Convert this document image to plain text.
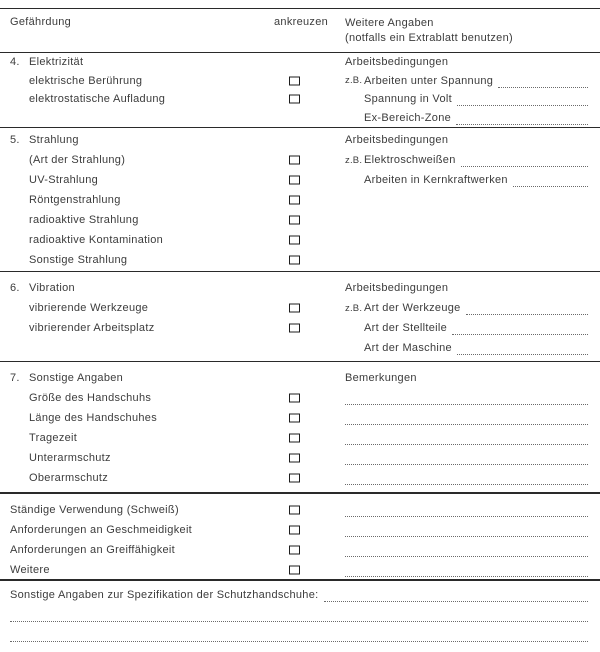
Gefährdung	ankreuzen Weitere Angaben
(notfalls ein Extrablatt benutzen)
4. Elektrizität
elektrische Berührung
elektrostatische Aufladung
Arbeitsbedingungen
z.B. Arbeiten unter Spannung
Spannung in Volt
Ex-Bereich-Zone
5. Strahlung
(Art der Strahlung)
UV-Strahlung
Röntgenstrahlung
radioaktive Strahlung
radioaktive Kontamination
Sonstige Strahlung
Arbeitsbedingungen
z.B. Elektroschweißen
Arbeiten in Kernkraftwerken
6. Vibration
vibrierende Werkzeuge
vibrierender Arbeitsplatz
Arbeitsbedingungen
z.B. Art der Werkzeuge
Art der Stellteile
Art der Maschine
7. Sonstige Angaben
Größe des Handschuhs
Länge des Handschuhes
Tragezeit
Unterarmschutz
Oberarmschutz
Bemerkungen
Ständige Verwendung (Schweiß)
Anforderungen an Geschmeidigkeit
Anforderungen an Greiffähigkeit
Weitere
Sonstige Angaben zur Spezifikation der Schutzhandschuhe:
